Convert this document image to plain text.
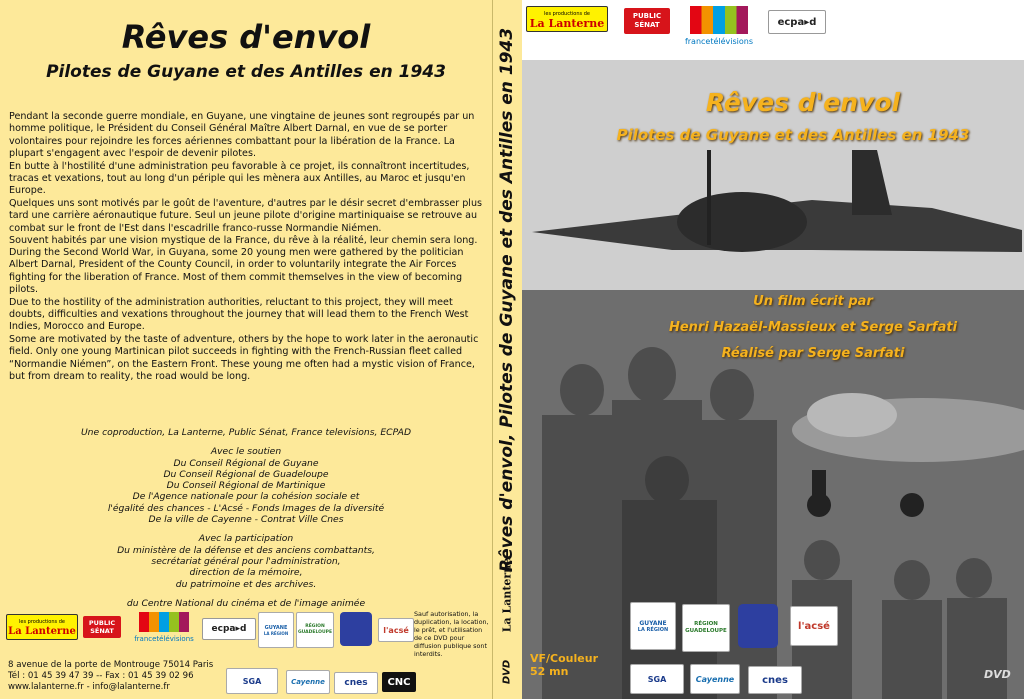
Rêves d'envol
Pilotes de Guyane et des Antilles en 1943

Pendant la seconde guerre mondiale, en Guyane, une vingtaine de jeunes sont regroupés par un homme politique, le Président du Conseil Général Maître Albert Darnal, en vue de se porter volontaires pour rejoindre les forces aériennes combattant pour la libération de la France. La plupart s'engagent avec l'espoir de devenir pilotes.

En butte à l'hostilité d'une administration peu favorable à ce projet, ils connaîtront incertitudes, tracas et vexations, tout au long d'un périple qui les mènera aux Antilles, au Maroc et jusqu'en Europe.

Quelques uns sont motivés par le goût de l'aventure, d'autres par le désir secret d'embrasser plus tard une carrière aéronautique future. Seul un jeune pilote d'origine martiniquaise se retrouve au combat sur le front de l'Est dans l'escadrille franco-russe Normandie Niémen.

Souvent habités par une vision mystique de la France, du rêve à la réalité, leur chemin sera long.

During the Second World War, in Guyana, some 20 young men were gathered by the politician Albert Darnal, President of the County Council, in order to voluntarily integrate the Air Forces fighting for the liberation of France. Most of them commit themselves in the view of becoming pilots.

Due to the hostility of the administration authorities, reluctant to this project, they will meet doubts, difficulties and vexations throughout the journey that will lead them to the French West Indies, Morocco and Europe.

Some are motivated by the taste of adventure, others by the hope to work later in the aeronautic field. Only one young Martinican pilot succeeds in fighting with the French-Russian fleet called “Normandie Niémen”, on the Eastern Front. These young me often had a mystic vision of France, but from dream to reality, the road would be long.

Une coproduction, La Lanterne, Public Sénat, France televisions, ECPAD
Avec le soutien
Du Conseil Régional de Guyane
Du Conseil Régional de Guadeloupe
Du Conseil Régional de Martinique
De l'Agence nationale pour la cohésion sociale et
l'égalité des chances - L'Acsé - Fonds Images de la diversité
De la ville de Cayenne - Contrat Ville Cnes
Avec la participation
Du ministère de la défense et des anciens combattants,
secrétariat général pour l'administration,
direction de la mémoire,
du patrimoine et des archives.
du Centre National du cinéma et de l'image animée
les productions de
La Lanterne
PUBLIC SÉNAT
francetélévisions
ecpa▸d	GUYANE
LA RÉGION
RÉGION GUADELOUPE	l'acsé
Sauf autorisation, la duplication, la location, le prêt, et l'utilisation de ce DVD pour diffusion publique sont interdits.
8 avenue de la porte de Montrouge 75014 Paris
Tél : 01 45 39 47 39 -- Fax : 01 45 39 02 96
www.lalanterne.fr - info@lalanterne.fr
SGA	Cayenne cnes CNC
Rêves d'envol, Pilotes de Guyane et des Antilles en 1943
La Lanterne
DVD
les productions de
La Lanterne
PUBLIC SÉNAT
francetélévisions
ecpa▸d
Rêves d'envol
Pilotes de Guyane et des Antilles en 1943
Un film écrit par
Henri Hazaël-Massieux et Serge Sarfati
Réalisé par Serge Sarfati
GUYANE
LA RÉGION
RÉGION GUADELOUPE	l'acsé
VF/Couleur
52 mn
SGA	Cayenne	cnes	DVD
